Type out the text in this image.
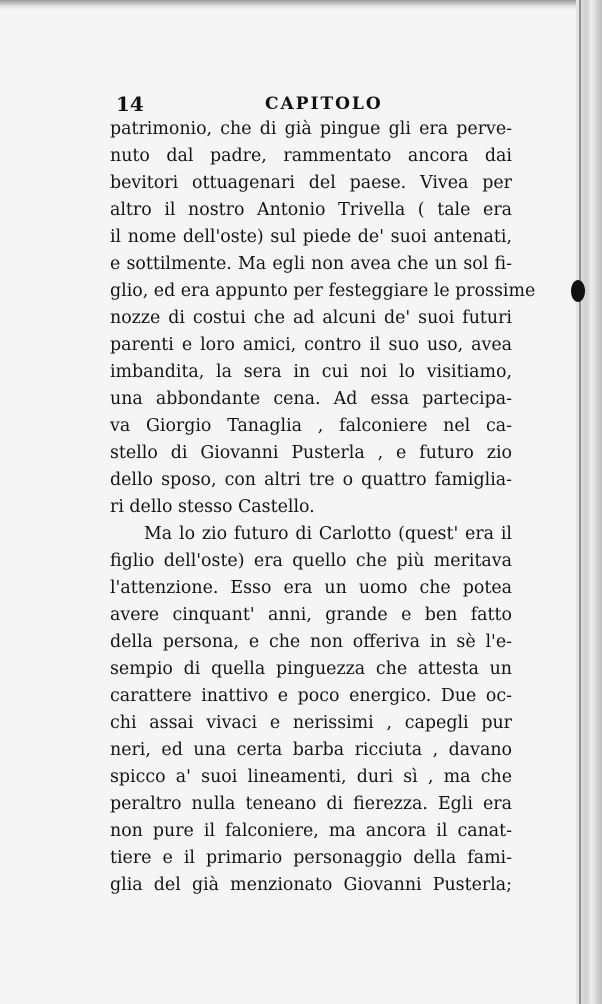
14	CAPITOLO
patrimonio, che di già pingue gli era perve-
nuto dal padre, rammentato ancora dai
bevitori ottuagenari del paese. Vivea per
altro il nostro Antonio Trivella ( tale era
il nome dell'oste) sul piede de' suoi antenati,
e sottilmente. Ma egli non avea che un sol fi-
glio, ed era appunto per festeggiare le prossime
nozze di costui che ad alcuni de' suoi futuri
parenti e loro amici, contro il suo uso, avea
imbandita, la sera in cui noi lo visitiamo,
una abbondante cena. Ad essa partecipa-
va Giorgio Tanaglia , falconiere nel ca-
stello di Giovanni Pusterla , e futuro zio
dello sposo, con altri tre o quattro famiglia-
ri dello stesso Castello.
Ma lo zio futuro di Carlotto (quest' era il
figlio dell'oste) era quello che più meritava
l'attenzione. Esso era un uomo che potea
avere cinquant' anni, grande e ben fatto
della persona, e che non offeriva in sè l'e-
sempio di quella pinguezza che attesta un
carattere inattivo e poco energico. Due oc-
chi assai vivaci e nerissimi , capegli pur
neri, ed una certa barba ricciuta , davano
spicco a' suoi lineamenti, duri sì , ma che
peraltro nulla teneano di fierezza. Egli era
non pure il falconiere, ma ancora il canat-
tiere e il primario personaggio della fami-
glia del già menzionato Giovanni Pusterla;
